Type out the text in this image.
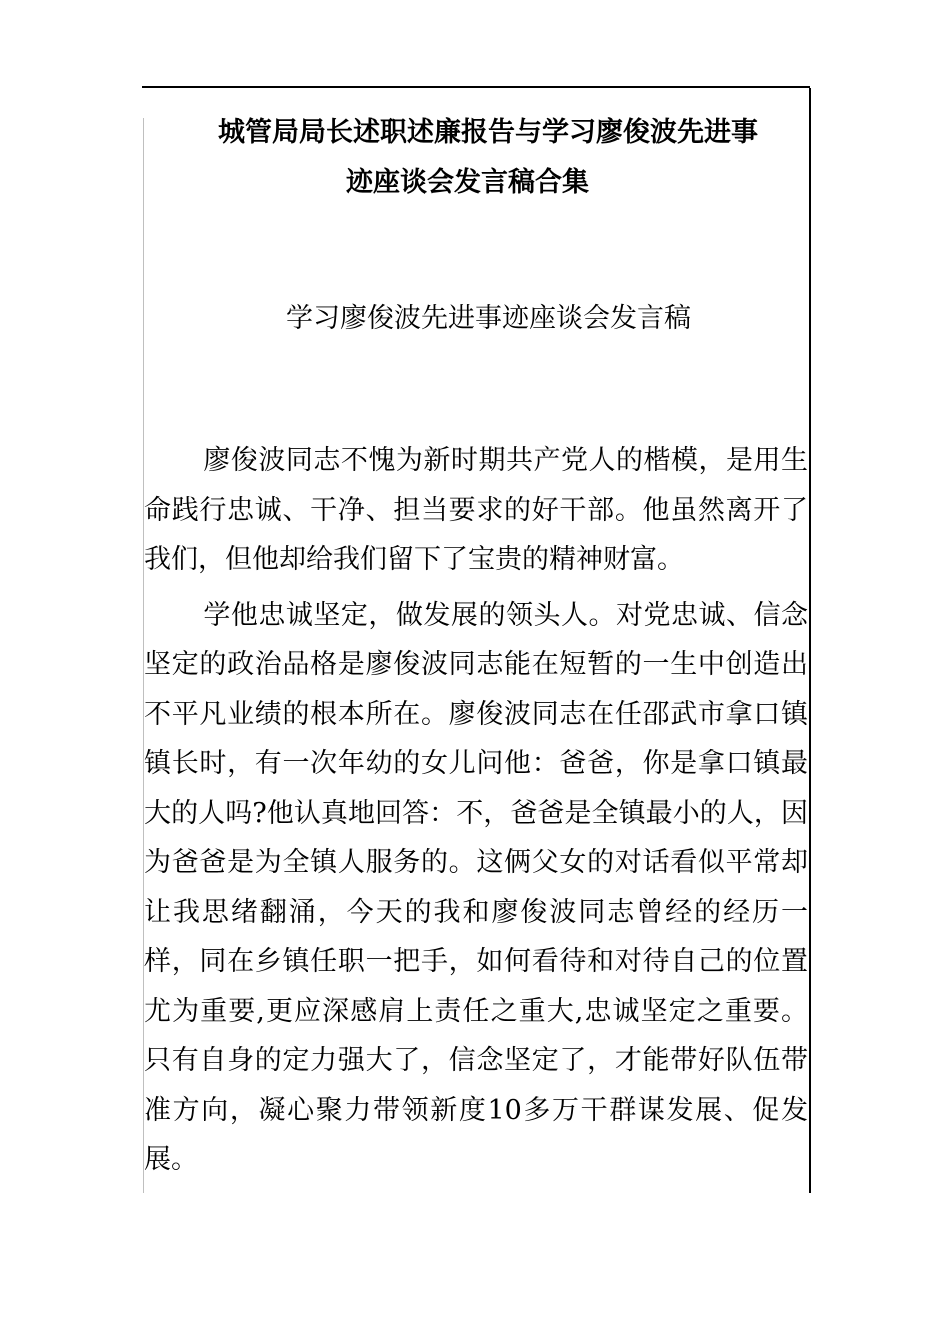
城管局局长述职述廉报告与学习廖俊波先进事
迹座谈会发言稿合集
学习廖俊波先进事迹座谈会发言稿

廖俊波同志不愧为新时期共产党人的楷模，是用生命践行忠诚、干净、担当要求的好干部。他虽然离开了我们，但他却给我们留下了宝贵的精神财富。

学他忠诚坚定，做发展的领头人。对党忠诚、信念坚定的政治品格是廖俊波同志能在短暂的一生中创造出不平凡业绩的根本所在。廖俊波同志在任邵武市拿口镇镇长时，有一次年幼的女儿问他：爸爸，你是拿口镇最大的人吗?他认真地回答：不，爸爸是全镇最小的人，因为爸爸是为全镇人服务的。这俩父女的对话看似平常却让我思绪翻涌，今天的我和廖俊波同志曾经的经历一样，同在乡镇任职一把手，如何看待和对待自己的位置尤为重要,更应深感肩上责任之重大,忠诚坚定之重要。只有自身的定力强大了，信念坚定了，才能带好队伍带准方向，凝心聚力带领新度10多万干群谋发展、促发展。
